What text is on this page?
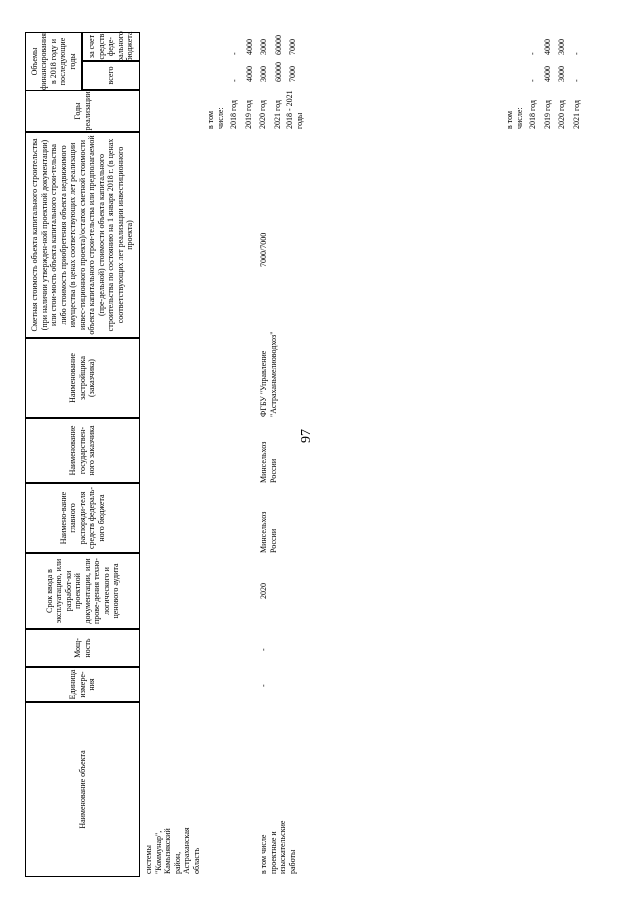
97
Наименование объекта
Единица измере-ния
Мощ-ность
Срок ввода в эксплуатацию, или разработ-ки проектной документации, или прове-дения техно-логического и ценового аудита
Наимено-вание главного распоряди-теля средств федераль-ного бюджета
Наименование государствен-ного заказчика
Наименование застройщика (заказчика)
Сметная стоимость объекта капитального строительства (при наличии утвержден-ной проектной документации) или стои-мость объекта капитального строи-тельства либо стоимость приобретения объекта недвижимого имущества (в ценах соответствующих лет реализации инвес-тиционного проекта)/остаток сметной стоимости объекта капитального строи-тельства или предполагаемой (пре-дельной) стоимости объекта капитального строительства по состоянию на 1 января 2018 г. (в ценах соответствующих лет реализации инвестиционного проекта)
Годы реализации
Объемы финансирования в 2018 году и последующие годы
всего
за счет средств феде-рального бюджета
системы "Коммунар", Камызякский район, Астраханская область
-
-
2020
Минсельхоз России
Минсельхоз России
ФГБУ "Управление "Астраханьмелиоводхоз"
7000/7000
в том числе: 2018 год 2019 год 2020 год 2021 год 2018 - 2021 годы
- 4000 3000 60000 7000
- 4000 3000 60000 7000
в том числе проектные и изыскательские работы
в том числе: 2018 год 2019 год 2020 год 2021 год
- 4000 3000 -
- 4000 3000 -
